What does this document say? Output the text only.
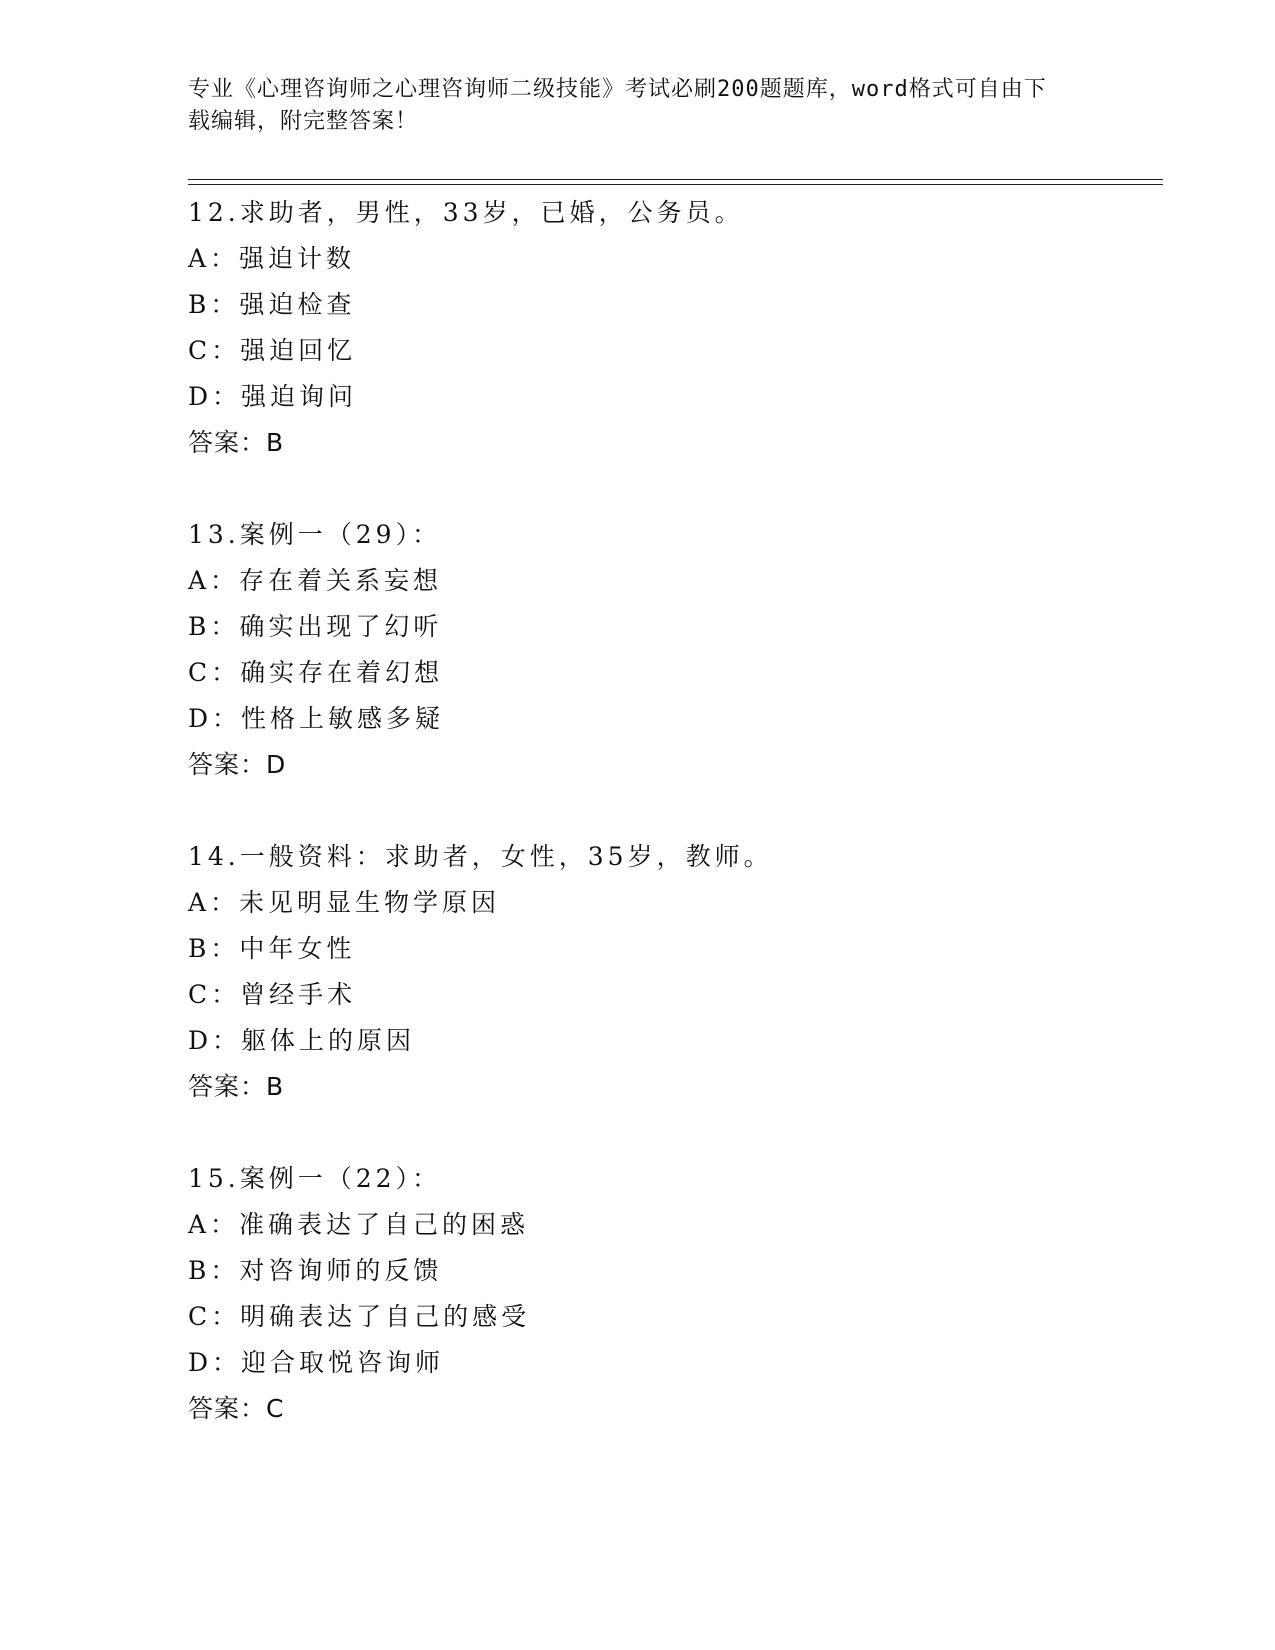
专业《心理咨询师之心理咨询师二级技能》考试必刷200题题库，word格式可自由下载编辑，附完整答案！
12.求助者，男性，33岁，已婚，公务员。
A：强迫计数
B：强迫检查
C：强迫回忆
D：强迫询问
答案：B
13.案例一（29）：
A：存在着关系妄想
B：确实出现了幻听
C：确实存在着幻想
D：性格上敏感多疑
答案：D
14.一般资料：求助者，女性，35岁，教师。
A：未见明显生物学原因
B：中年女性
C：曾经手术
D：躯体上的原因
答案：B
15.案例一（22）：
A：准确表达了自己的困惑
B：对咨询师的反馈
C：明确表达了自己的感受
D：迎合取悦咨询师
答案：C
